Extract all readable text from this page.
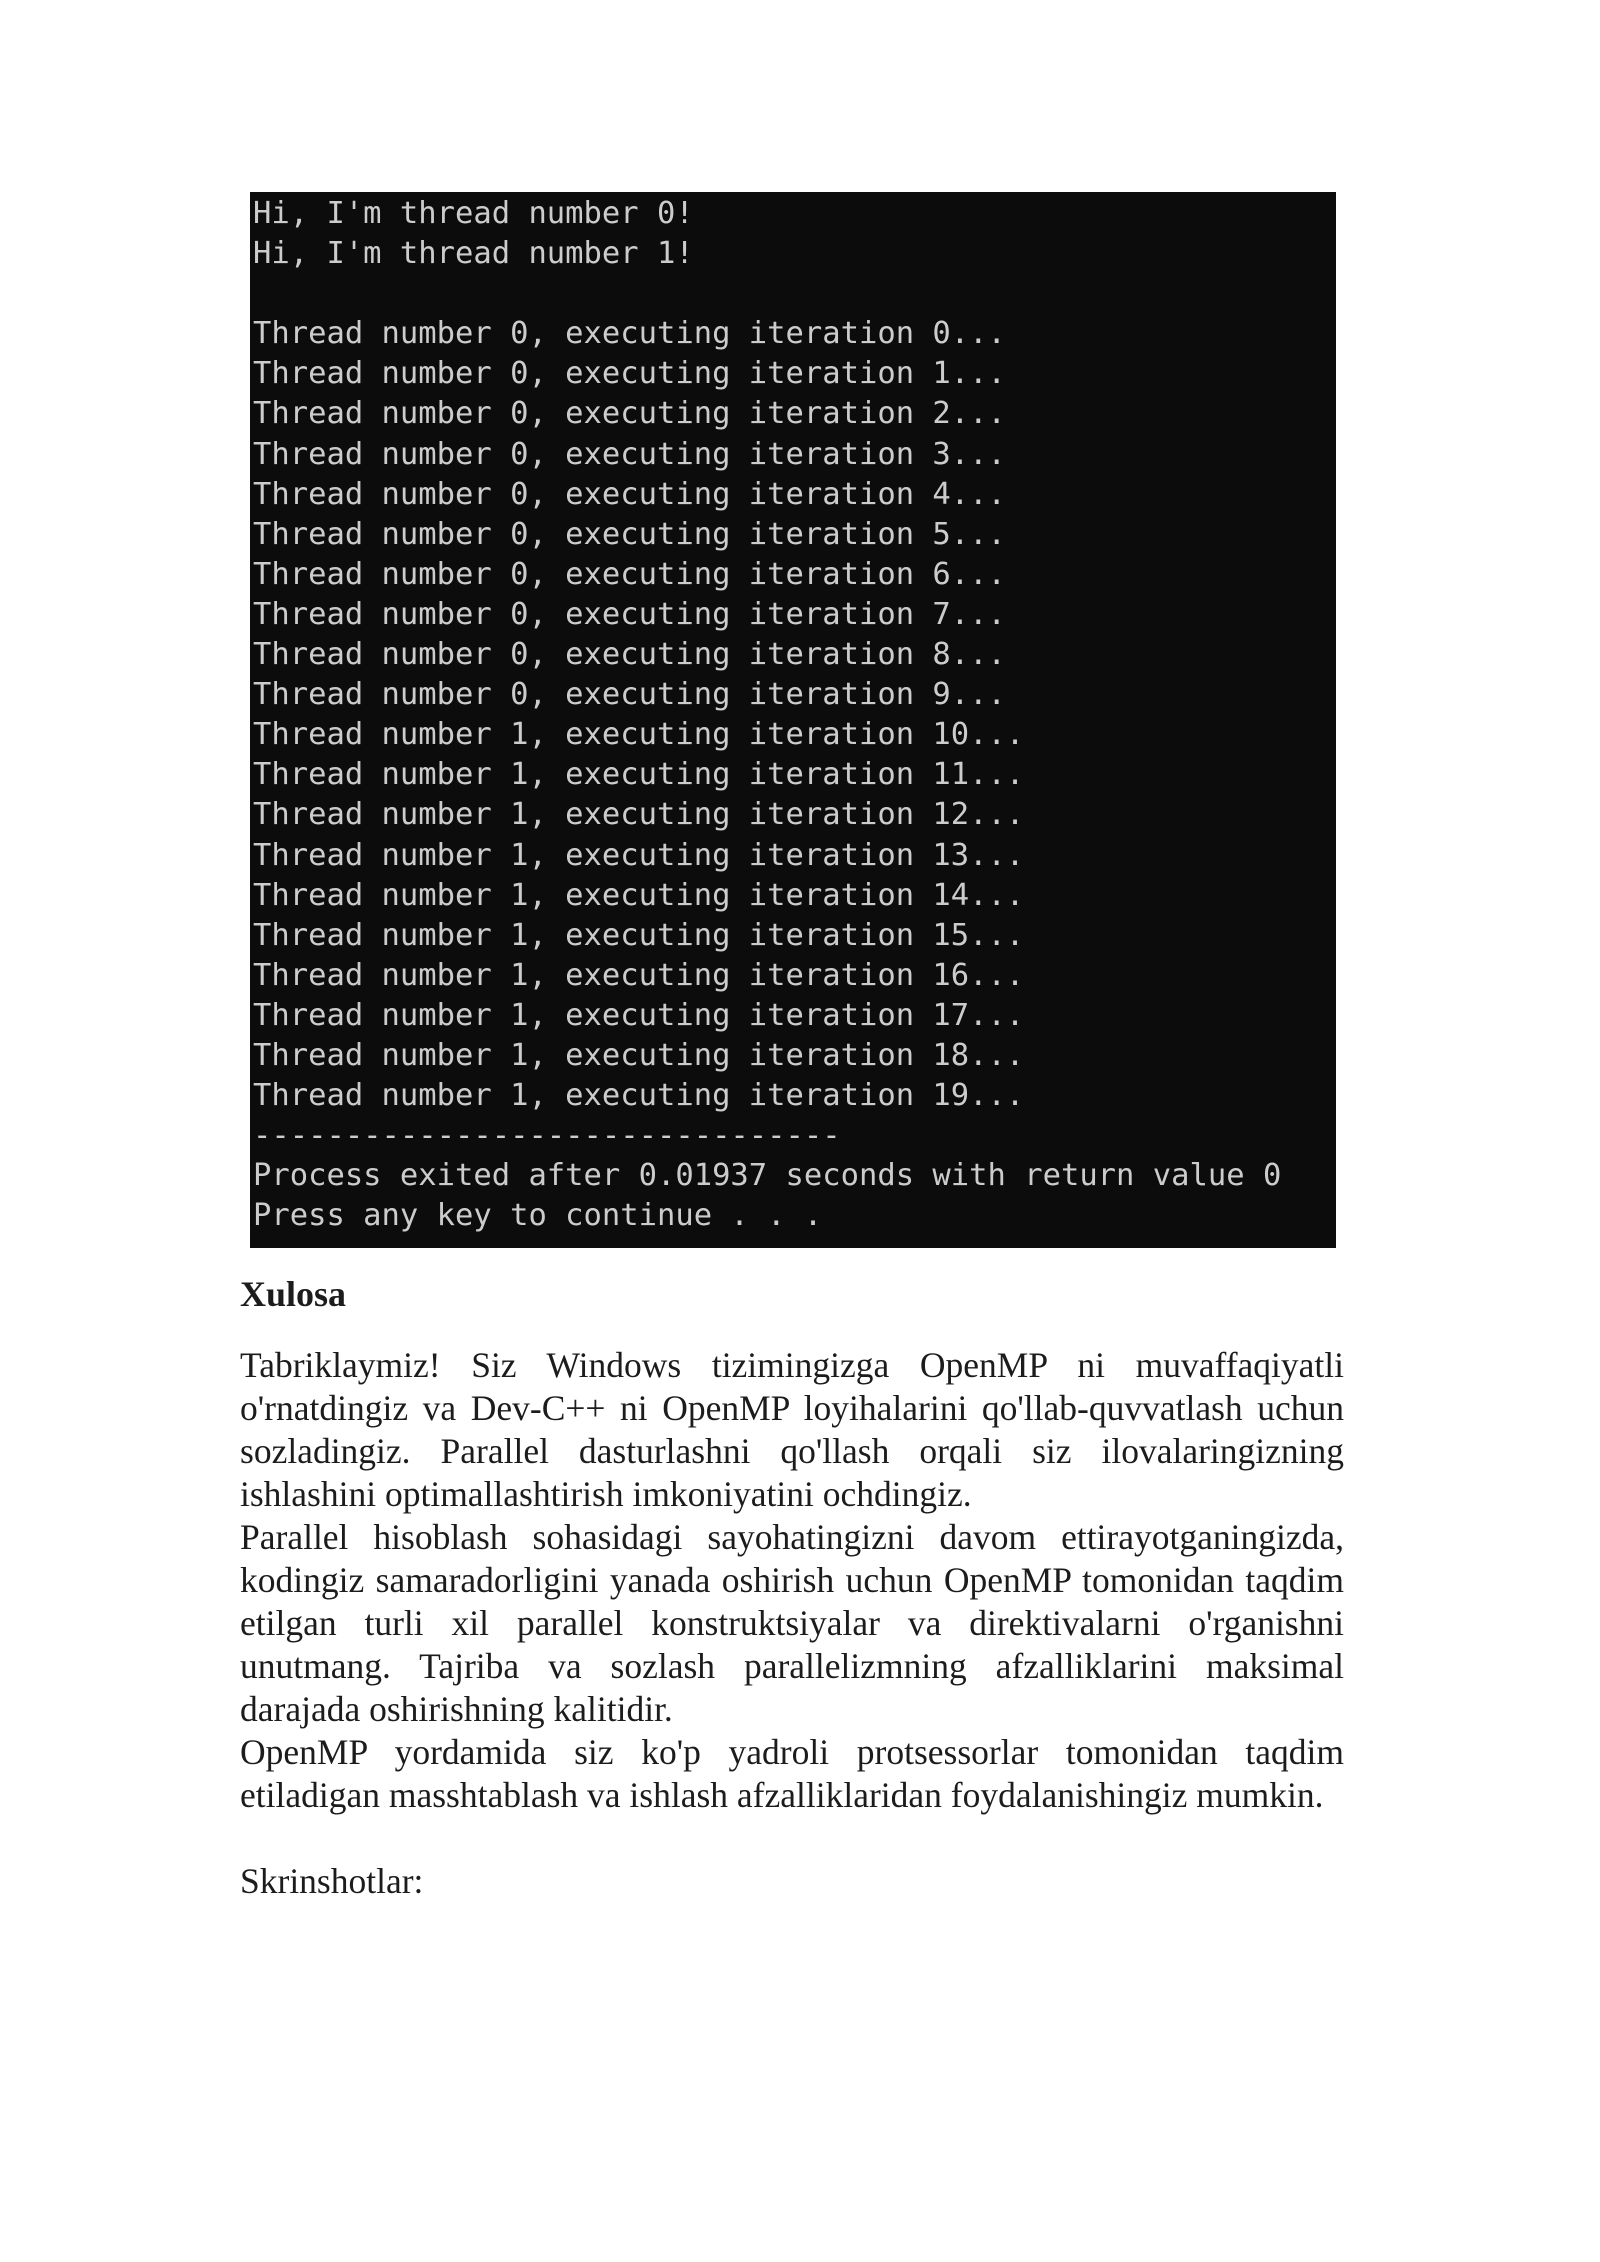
Hi, I'm thread number 0!
Hi, I'm thread number 1!
Thread number 0, executing iteration 0...
Thread number 0, executing iteration 1...
Thread number 0, executing iteration 2...
Thread number 0, executing iteration 3...
Thread number 0, executing iteration 4...
Thread number 0, executing iteration 5...
Thread number 0, executing iteration 6...
Thread number 0, executing iteration 7...
Thread number 0, executing iteration 8...
Thread number 0, executing iteration 9...
Thread number 1, executing iteration 10...
Thread number 1, executing iteration 11...
Thread number 1, executing iteration 12...
Thread number 1, executing iteration 13...
Thread number 1, executing iteration 14...
Thread number 1, executing iteration 15...
Thread number 1, executing iteration 16...
Thread number 1, executing iteration 17...
Thread number 1, executing iteration 18...
Thread number 1, executing iteration 19...
--------------------------------
Process exited after 0.01937 seconds with return value 0
Press any key to continue . . .
Xulosa

Tabriklaymiz! Siz Windows tizimingizga OpenMP ni muvaffaqiyatli o'rnatdingiz va Dev-C++ ni OpenMP loyihalarini qo'llab-quvvatlash uchun sozladingiz. Parallel dasturlashni qo'llash orqali siz ilovalaringizning ishlashini optimallashtirish imkoniyatini ochdingiz.

Parallel hisoblash sohasidagi sayohatingizni davom ettirayotganingizda, kodingiz samaradorligini yanada oshirish uchun OpenMP tomonidan taqdim etilgan turli xil parallel konstruktsiyalar va direktivalarni o'rganishni unutmang. Tajriba va sozlash parallelizmning afzalliklarini maksimal darajada oshirishning kalitidir.

OpenMP yordamida siz ko'p yadroli protsessorlar tomonidan taqdim etiladigan masshtablash va ishlash afzalliklaridan foydalanishingiz mumkin.

Skrinshotlar:
